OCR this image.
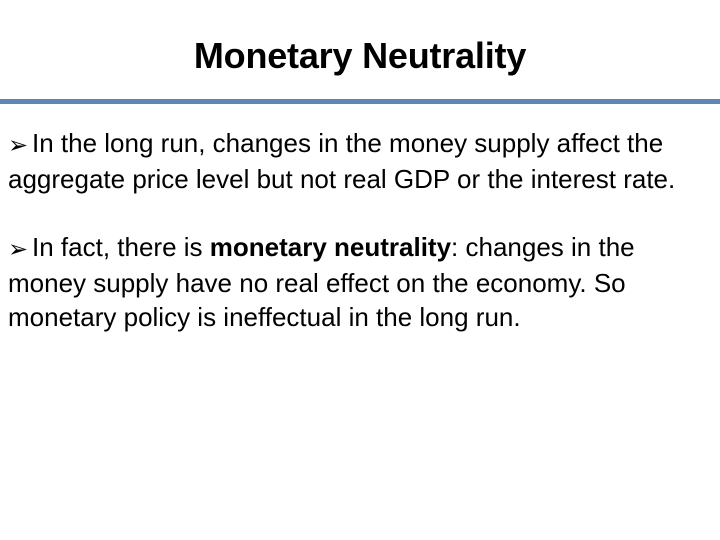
Monetary Neutrality

➢ In the long run, changes in the money supply affect the aggregate price level but not real GDP or the interest rate.

➢ In fact, there is monetary neutrality: changes in the money supply have no real effect on the economy. So monetary policy is ineffectual in the long run.
